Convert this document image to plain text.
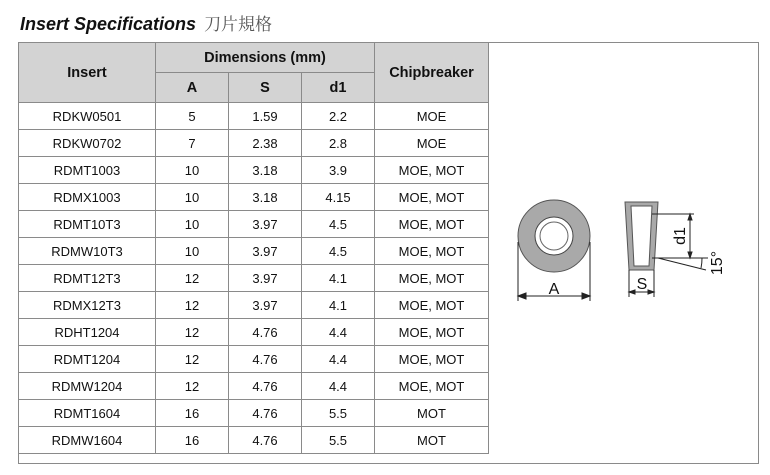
Insert Specifications 刀片規格
Insert	Dimensions (mm)			Chipbreaker
	A	S	d1	
RDKW0501	5	1.59	2.2	MOE
RDKW0702	7	2.38	2.8	MOE
RDMT1003	10	3.18	3.9	MOE, MOT
RDMX1003	10	3.18	4.15	MOE, MOT
RDMT10T3	10	3.97	4.5	MOE, MOT
RDMW10T3	10	3.97	4.5	MOE, MOT
RDMT12T3	12	3.97	4.1	MOE, MOT
RDMX12T3	12	3.97	4.1	MOE, MOT
RDHT1204	12	4.76	4.4	MOE, MOT
RDMT1204	12	4.76	4.4	MOE, MOT
RDMW1204	12	4.76	4.4	MOE, MOT
RDMT1604	16	4.76	5.5	MOT
RDMW1604	16	4.76	5.5	MOT
A	S
d1
15°
